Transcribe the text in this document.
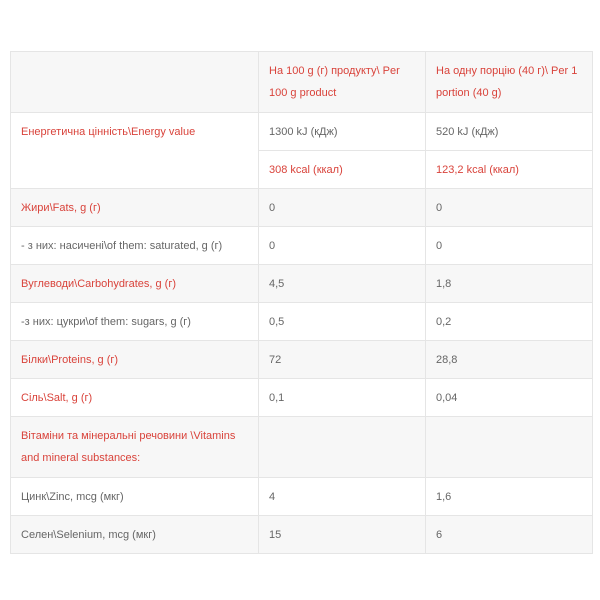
	На 100 g (г) продукту\ Per 100 g product	На одну порцію (40 г)\ Per 1 portion (40 g)
Енергетична цінність\Energy value	1300 kJ (кДж)	520 kJ (кДж)
	308 kcal (ккал)	123,2 kcal (ккал)
Жири\Fats, g (г)	0	0
- з них: насичені\of them: saturated, g (г)	0	0
Вуглеводи\Carbohydrates, g (г)	4,5	1,8
-з них: цукри\of them: sugars, g (г)	0,5	0,2
Білки\Proteins, g (г)	72	28,8
Сіль\Salt, g (г)	0,1	0,04
Вітаміни та мінеральні речовини \Vitamins and mineral substances:		
Цинк\Zinc, mcg (мкг)	4	1,6
Селен\Selenium, mcg (мкг)	15	6
